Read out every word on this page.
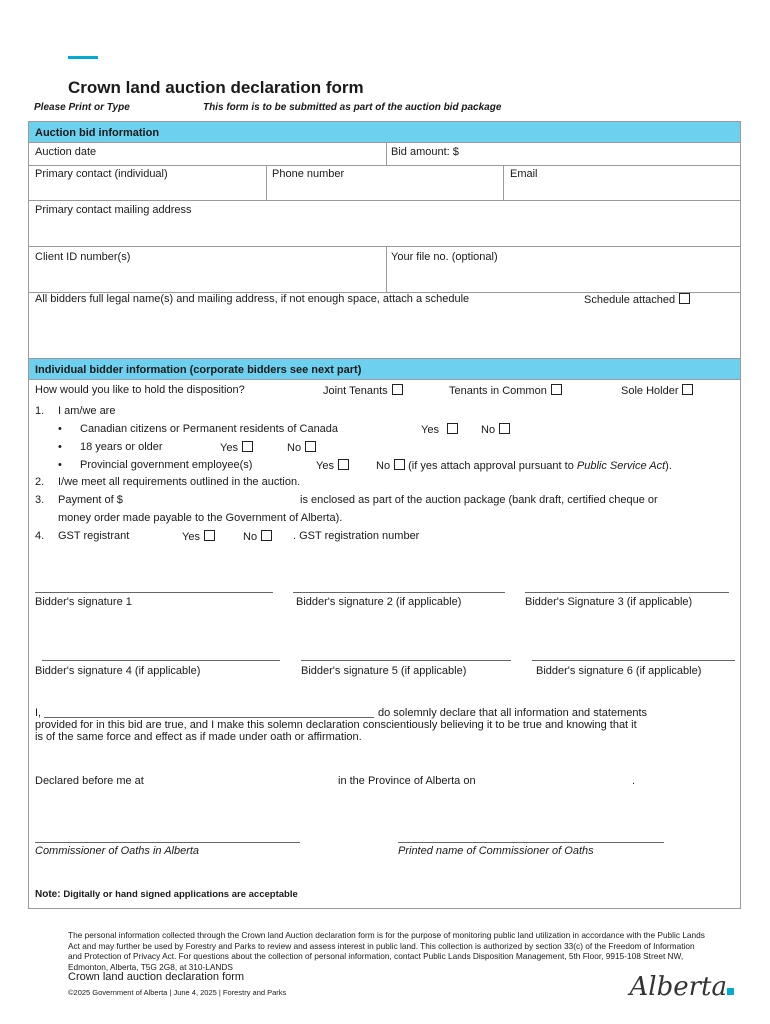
Crown land auction declaration form
Please Print or Type	This form is to be submitted as part of the auction bid package
Auction bid information
Auction date	Bid amount: $
Primary contact (individual)	Phone number	Email
Primary contact mailing address
Client ID number(s)	Your file no. (optional)
All bidders full legal name(s) and mailing address, if not enough space, attach a schedule	Schedule attached
Individual bidder information (corporate bidders see next part)
How would you like to hold the disposition?	Joint Tenants	Tenants in Common	Sole Holder
1. I am/we are
• Canadian citizens or Permanent residents of Canada	Yes	No
• 18 years or older	Yes	No
• Provincial government employee(s)	Yes	No (if yes attach approval pursuant to Public Service Act).
2. I/we meet all requirements outlined in the auction.
3. Payment of $	is enclosed as part of the auction package (bank draft, certified cheque or
money order made payable to the Government of Alberta).
4. GST registrant	Yes	No	. GST registration number
Bidder's signature 1	Bidder's signature 2 (if applicable)	Bidder's Signature 3 (if applicable)
Bidder's signature 4 (if applicable)	Bidder's signature 5 (if applicable)	Bidder's signature 6 (if applicable)
I,	do solemnly declare that all information and statements
provided for in this bid are true, and I make this solemn declaration conscientiously believing it to be true and knowing that it
is of the same force and effect as if made under oath or affirmation.
Declared before me at	in the Province of Alberta on	.
Commissioner of Oaths in Alberta	Printed name of Commissioner of Oaths
Note: Digitally or hand signed applications are acceptable
The personal information collected through the Crown land Auction declaration form is for the purpose of monitoring public land utilization in accordance with the Public Lands Act and may further be used by Forestry and Parks to review and assess interest in public land. This collection is authorized by section 33(c) of the Freedom of Information and Protection of Privacy Act. For questions about the collection of personal information, contact Public Lands Disposition Management, 5th Floor, 9915-108 Street NW, Edmonton, Alberta, T5G 2G8, at 310-LANDS
Crown land auction declaration form
©2025 Government of Alberta | June 4, 2025 | Forestry and Parks	Alberta
